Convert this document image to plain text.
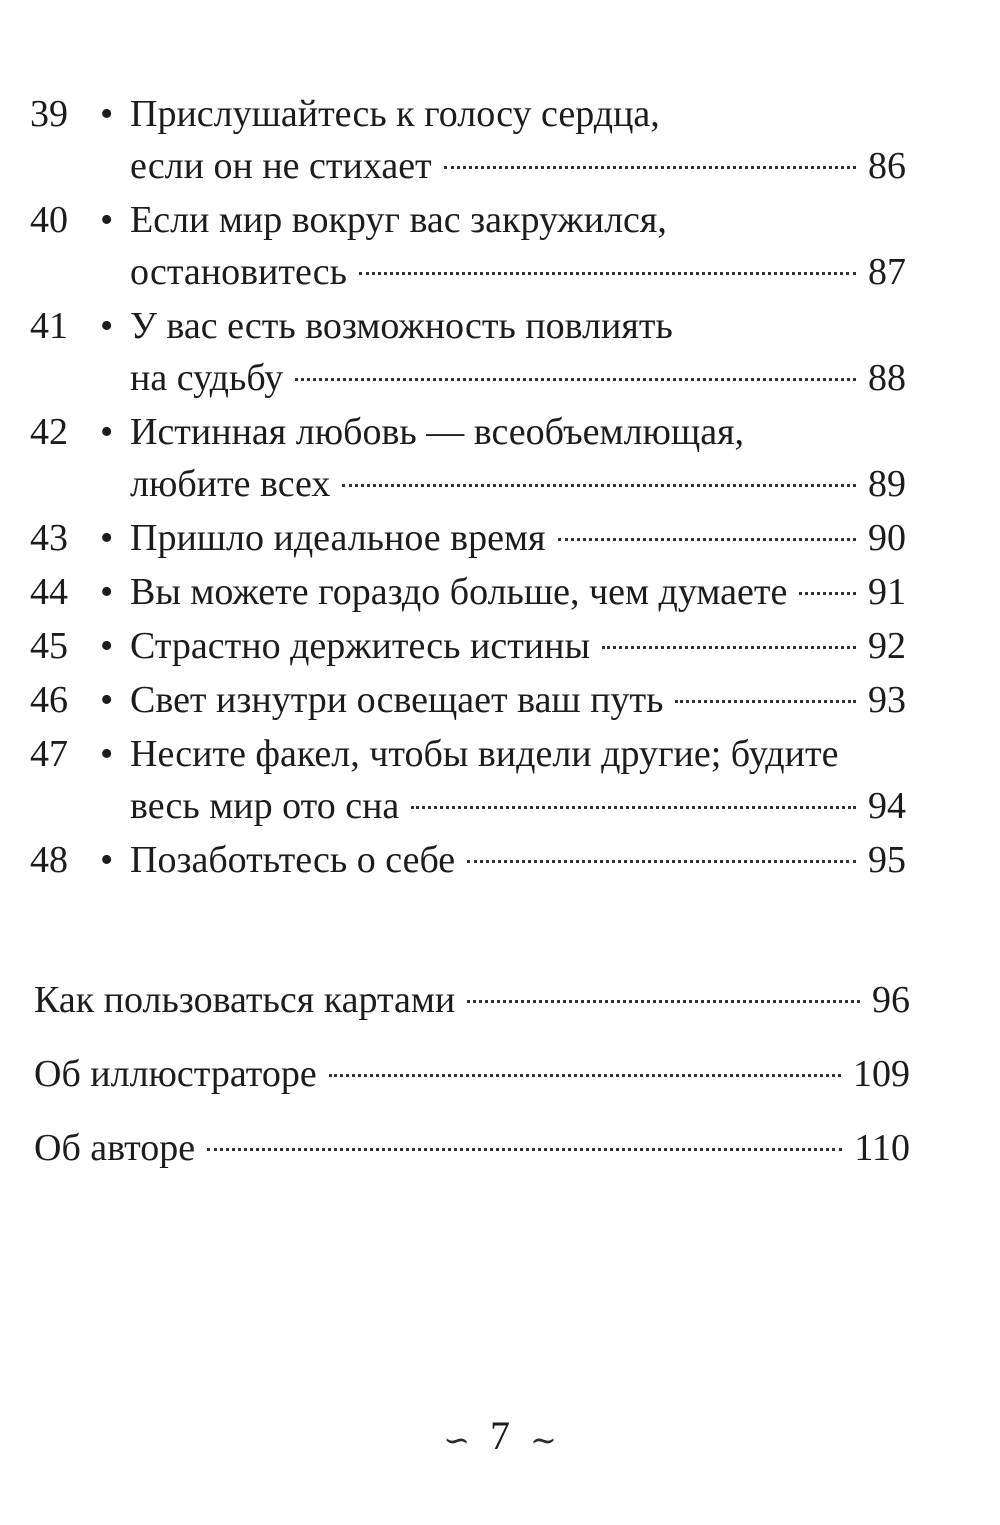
39 • Прислушайтесь к голосу сердца,
если он не стихает	86
40 • Если мир вокруг вас закружился,
остановитесь	87
41 • У вас есть возможность повлиять
на судьбу	88
42 • Истинная любовь — всеобъемлющая,
любите всех	89
43 • Пришло идеальное время	90
44 • Вы можете гораздо больше, чем думаете 91
45 • Страстно держитесь истины	92
46 • Свет изнутри освещает ваш путь	93
47 • Несите факел, чтобы видели другие; будите
весь мир ото сна	94
48 • Позаботьтесь о себе	95
Как пользоваться картами	96
Об иллюстраторе	109
Об авторе	110
∽ 7 ∼
